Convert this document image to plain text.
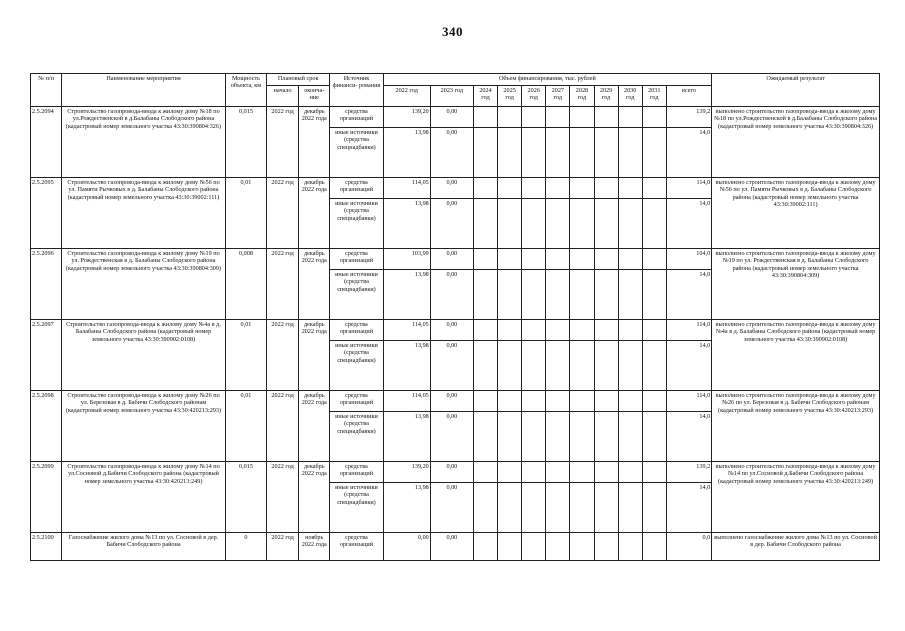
340
№ п/п	Наименование мероприятия	Мощность объекта, км	Плановый срок		Источник финанси- рования	Объем финансирования, тыс. рублей											Ожидаемый результат
			начало	оконча- ние		2022 год	2023 год	2024 год	2025 год	2026 год	2027 год	2028 год	2029 год	2030 год	2031 год	всего	
2.5.2094	Строительство газопровода-ввода к жилому дому №18 по ул.Рождественской в д.Балабаны Слободского района (кадастровый номер земельного участка 43:30:390804:326)	0,015	2022 год	декабрь 2022 года	средства организаций	139,20	0,00									139,2	выполнено строительство газопровода-ввода к жилому дому №18 по ул.Рождественской в д.Балабаны Слободского района (кадастровый номер земельного участка 43:30:390804:326)
					иные источники (средства спецнадбавки)	13,98	0,00									14,0	
2.5.2095	Строительство газопровода-ввода к жилому дому №56 по ул. Памяти Рычковых в д. Балабаны Слободского района (кадастровый номер земельного участка 43:30:39002:111)	0,01	2022 год	декабрь 2022 года	средства организаций	114,05	0,00									114,0	выполнено строительство газопровода-ввода к жилому дому №56 по ул. Памяти Рычковых в д. Балабаны Слободского района (кадастровый номер земельного участка 43:30:39002:111)
					иные источники (средства спецнадбавки)	13,98	0,00									14,0	
2.5.2096	Строительство газопровода-ввода к жилому дому №19 по ул. Рождественская в д. Балабаны Слободского района (кадастровый номер земельного участка 43:30:390804:309)	0,008	2022 год	декабрь 2022 года	средства организаций	103,99	0,00									104,0	выполнено строительство газопровода-ввода к жилому дому №19 по ул. Рождественская в д. Балабаны Слободского района (кадастровый номер земельного участка 43:30:390804:309)
					иные источники (средства спецнадбавки)	13,98	0,00									14,0	
2.5.2097	Строительство газопровода-ввода к жилому дому №4а в д. Балабаны Слободского района (кадастровый номер земельного участка 43:30:390902:0108)	0,01	2022 год	декабрь 2022 года	средства организаций	114,05	0,00									114,0	выполнено строительство газопровода-ввода к жилому дому №4а в д. Балабаны Слободского района (кадастровый номер земельного участка 43:30:390902:0108)
					иные источники (средства спецнадбавки)	13,98	0,00									14,0	
2.5.2098	Строительство газопровода-ввода к жилому дому №26 по ул. Березовая в д. Бабичи Слободского районам (кадастровый номер земельного участка 43:30:420213:293)	0,01	2022 год	декабрь 2022 года	средства организаций	114,05	0,00									114,0	выполнено строительство газопровода-ввода к жилому дому №26 по ул. Березовая в д. Бабичи Слободского районам (кадастровый номер земельного участка 43:30:420213:293)
					иные источники (средства спецнадбавки)	13,98	0,00									14,0	
2.5.2099	Строительство газопровода-ввода к жилому дому №14 по ул.Сосновой д.Бабичи Слободского района (кадастровый номер земельного участка 43:30:420213:249)	0,015	2022 год	декабрь 2022 года	средства организаций	139,20	0,00									139,2	выполнено строительство газопровода-ввода к жилому дому №14 по ул.Сосновой д.Бабичи Слободского района (кадастровый номер земельного участка 43:30:420213:249)
					иные источники (средства спецнадбавки)	13,98	0,00									14,0	
2.5.2100	Газоснабжение жилого дома №13 по ул. Сосновой в дер. Бабичи Слободского района	0	2022 год	ноябрь 2022 года	средства организаций	0,00	0,00									0,0	выполнено газоснабжение жилого дома №13 по ул. Сосновой в дер. Бабичи Слободского района
